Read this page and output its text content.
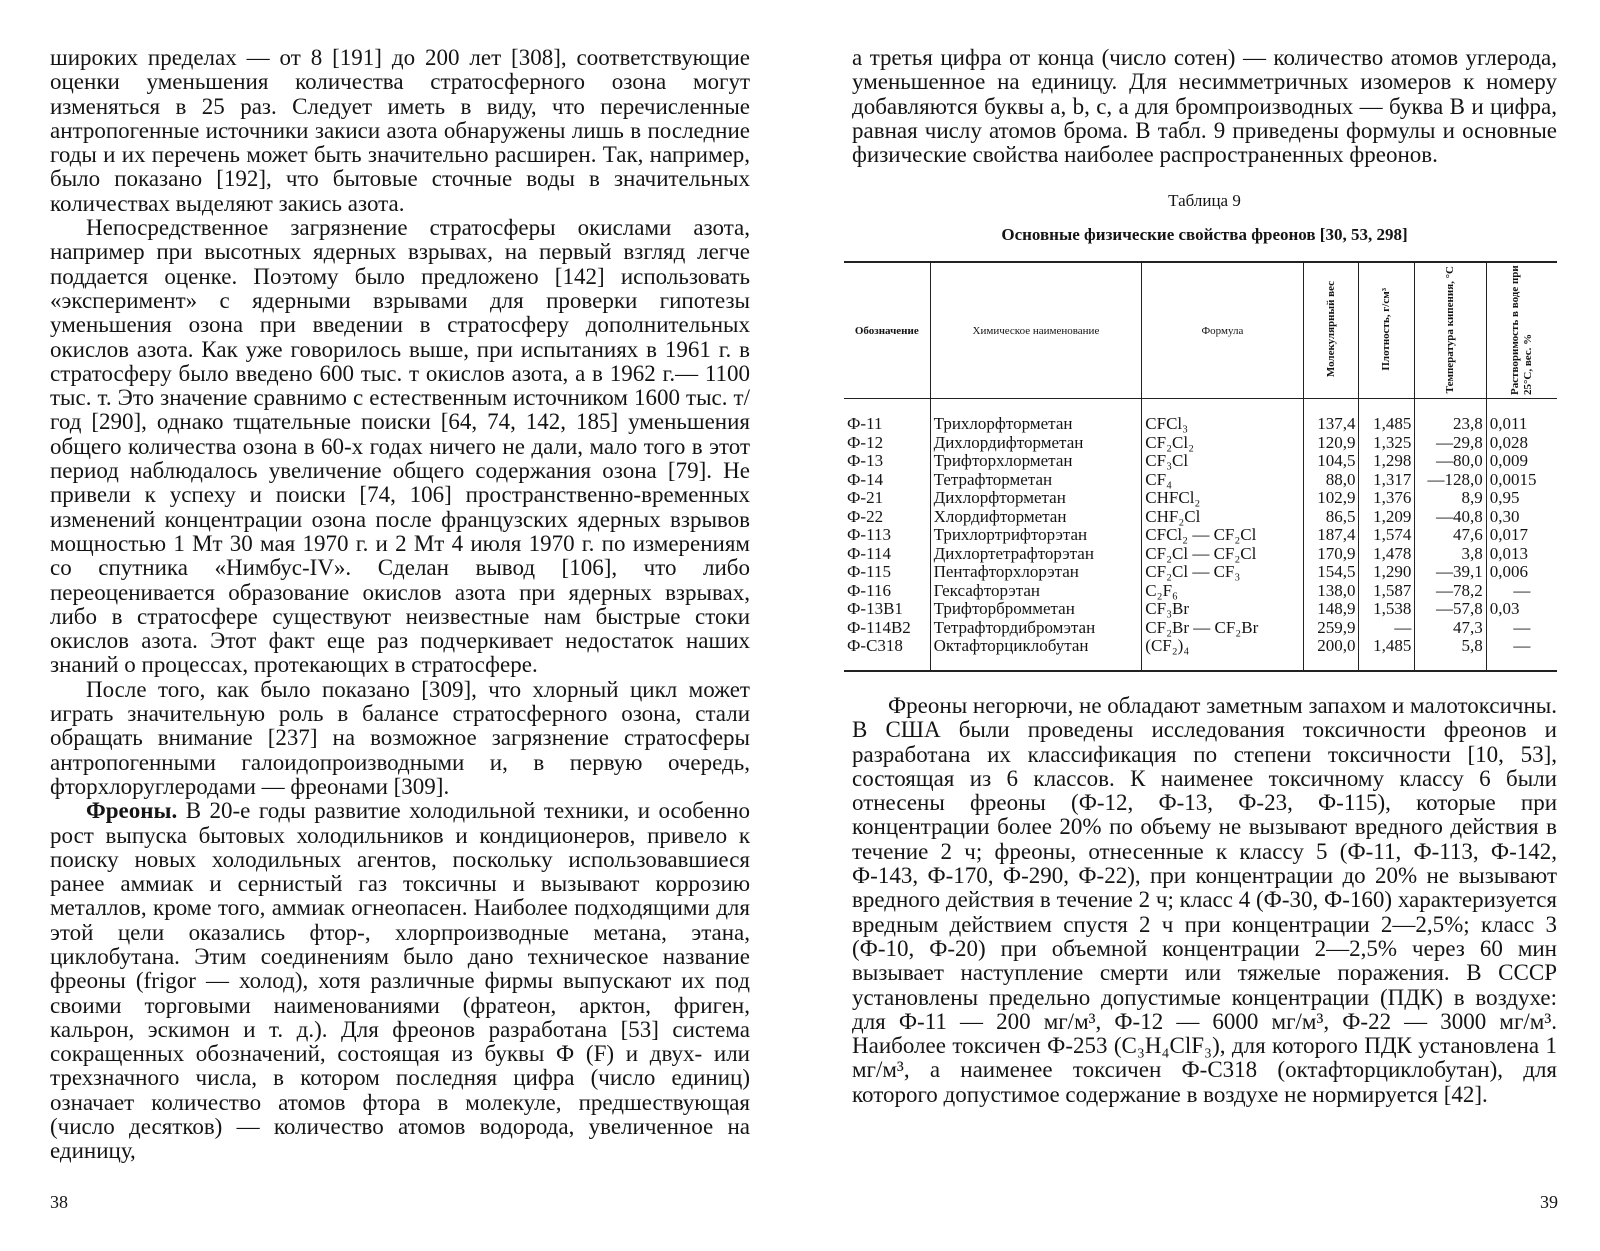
широких пределах — от 8 [191] до 200 лет [308], соответствующие оценки уменьшения количества стратосферного озона могут изменяться в 25 раз. Следует иметь в виду, что перечисленные антропогенные источники закиси азота обнаружены лишь в последние годы и их перечень может быть значительно расширен. Так, например, было показано [192], что бытовые сточные воды в значительных количествах выделяют закись азота.

Непосредственное загрязнение стратосферы окислами азота, например при высотных ядерных взрывах, на первый взгляд легче поддается оценке. Поэтому было предложено [142] использовать «эксперимент» с ядерными взрывами для проверки гипотезы уменьшения озона при введении в стратосферу дополнительных окислов азота. Как уже говорилось выше, при испытаниях в 1961 г. в стратосферу было введено 600 тыс. т окислов азота, а в 1962 г.— 1100 тыс. т. Это значение сравнимо с естественным источником 1600 тыс. т/год [290], однако тщательные поиски [64, 74, 142, 185] уменьшения общего количества озона в 60-х годах ничего не дали, мало того в этот период наблюдалось увеличение общего содержания озона [79]. Не привели к успеху и поиски [74, 106] пространственно-временных изменений концентрации озона после французских ядерных взрывов мощностью 1 Мт 30 мая 1970 г. и 2 Мт 4 июля 1970 г. по измерениям со спутника «Нимбус-IV». Сделан вывод [106], что либо переоценивается образование окислов азота при ядерных взрывах, либо в стратосфере существуют неизвестные нам быстрые стоки окислов азота. Этот факт еще раз подчеркивает недостаток наших знаний о процессах, протекающих в стратосфере.

После того, как было показано [309], что хлорный цикл может играть значительную роль в балансе стратосферного озона, стали обращать внимание [237] на возможное загрязнение стратосферы антропогенными галоидопроизводными и, в первую очередь, фторхлоруглеродами — фреонами [309].

Фреоны. В 20-е годы развитие холодильной техники, и особенно рост выпуска бытовых холодильников и кондиционеров, привело к поиску новых холодильных агентов, поскольку использовавшиеся ранее аммиак и сернистый газ токсичны и вызывают коррозию металлов, кроме того, аммиак огнеопасен. Наиболее подходящими для этой цели оказались фтор-, хлорпроизводные метана, этана, циклобутана. Этим соединениям было дано техническое название фреоны (frigor — холод), хотя различные фирмы выпускают их под своими торговыми наименованиями (фратеон, арктон, фриген, кальрон, эскимон и т. д.). Для фреонов разработана [53] система сокращенных обозначений, состоящая из буквы Ф (F) и двух- или трехзначного числа, в котором последняя цифра (число единиц) означает количество атомов фтора в молекуле, предшествующая (число десятков) — количество атомов водорода, увеличенное на единицу,

38

а третья цифра от конца (число сотен) — количество атомов углерода, уменьшенное на единицу. Для несимметричных изомеров к номеру добавляются буквы а, b, с, а для бромпроизводных — буква В и цифра, равная числу атомов брома. В табл. 9 приведены формулы и основные физические свойства наиболее распространенных фреонов.

Таблица 9
Основные физические свойства фреонов [30, 53, 298]
Обозначение	Химическое наименование	Формула	Молекулярный вес	Плотность, г/см³	Температура кипения, °С	Растворимость в воде при 25°С, вес. %
Ф-11	Трихлорфторметан	CFCl₃	137,4	1,485	23,8	0,011
Ф-12	Дихлордифторметан	CF₂Cl₂	120,9	1,325	—29,8	0,028
Ф-13	Трифторхлорметан	CF₃Cl	104,5	1,298	—80,0	0,009
Ф-14	Тетрафторметан	CF₄	88,0	1,317	—128,0	0,0015
Ф-21	Дихлорфторметан	CHFCl₂	102,9	1,376	8,9	0,95
Ф-22	Хлордифторметан	CHF₂Cl	86,5	1,209	—40,8	0,30
Ф-113	Трихлортрифторэтан	CFCl₂ — CF₂Cl	187,4	1,574	47,6	0,017
Ф-114	Дихлортетрафторэтан	CF₂Cl — CF₂Cl	170,9	1,478	3,8	0,013
Ф-115	Пентафторхлорэтан	CF₂Cl — CF₃	154,5	1,290	—39,1	0,006
Ф-116	Гексафторэтан	C₂F₆	138,0	1,587	—78,2	—
Ф-13В1	Трифторбромметан	CF₃Br	148,9	1,538	—57,8	0,03
Ф-114В2	Тетрафтордибромэтан	CF₂Br — CF₂Br	259,9	—	47,3	—
Ф-С318	Октафторциклобутан	(CF₂)₄	200,0	1,485	5,8	—

Фреоны негорючи, не обладают заметным запахом и малотоксичны. В США были проведены исследования токсичности фреонов и разработана их классификация по степени токсичности [10, 53], состоящая из 6 классов. К наименее токсичному классу 6 были отнесены фреоны (Ф-12, Ф-13, Ф-23, Ф-115), которые при концентрации более 20% по объему не вызывают вредного действия в течение 2 ч; фреоны, отнесенные к классу 5 (Ф-11, Ф-113, Ф-142, Ф-143, Ф-170, Ф-290, Ф-22), при концентрации до 20% не вызывают вредного действия в течение 2 ч; класс 4 (Ф-30, Ф-160) характеризуется вредным действием спустя 2 ч при концентрации 2—2,5%; класс 3 (Ф-10, Ф-20) при объемной концентрации 2—2,5% через 60 мин вызывает наступление смерти или тяжелые поражения. В СССР установлены предельно допустимые концентрации (ПДК) в воздухе: для Ф-11 — 200 мг/м³, Ф-12 — 6000 мг/м³, Ф-22 — 3000 мг/м³. Наиболее токсичен Ф-253 (C₃H₄ClF₃), для которого ПДК установлена 1 мг/м³, а наименее токсичен Ф-С318 (октафторциклобутан), для которого допустимое содержание в воздухе не нормируется [42].

39
